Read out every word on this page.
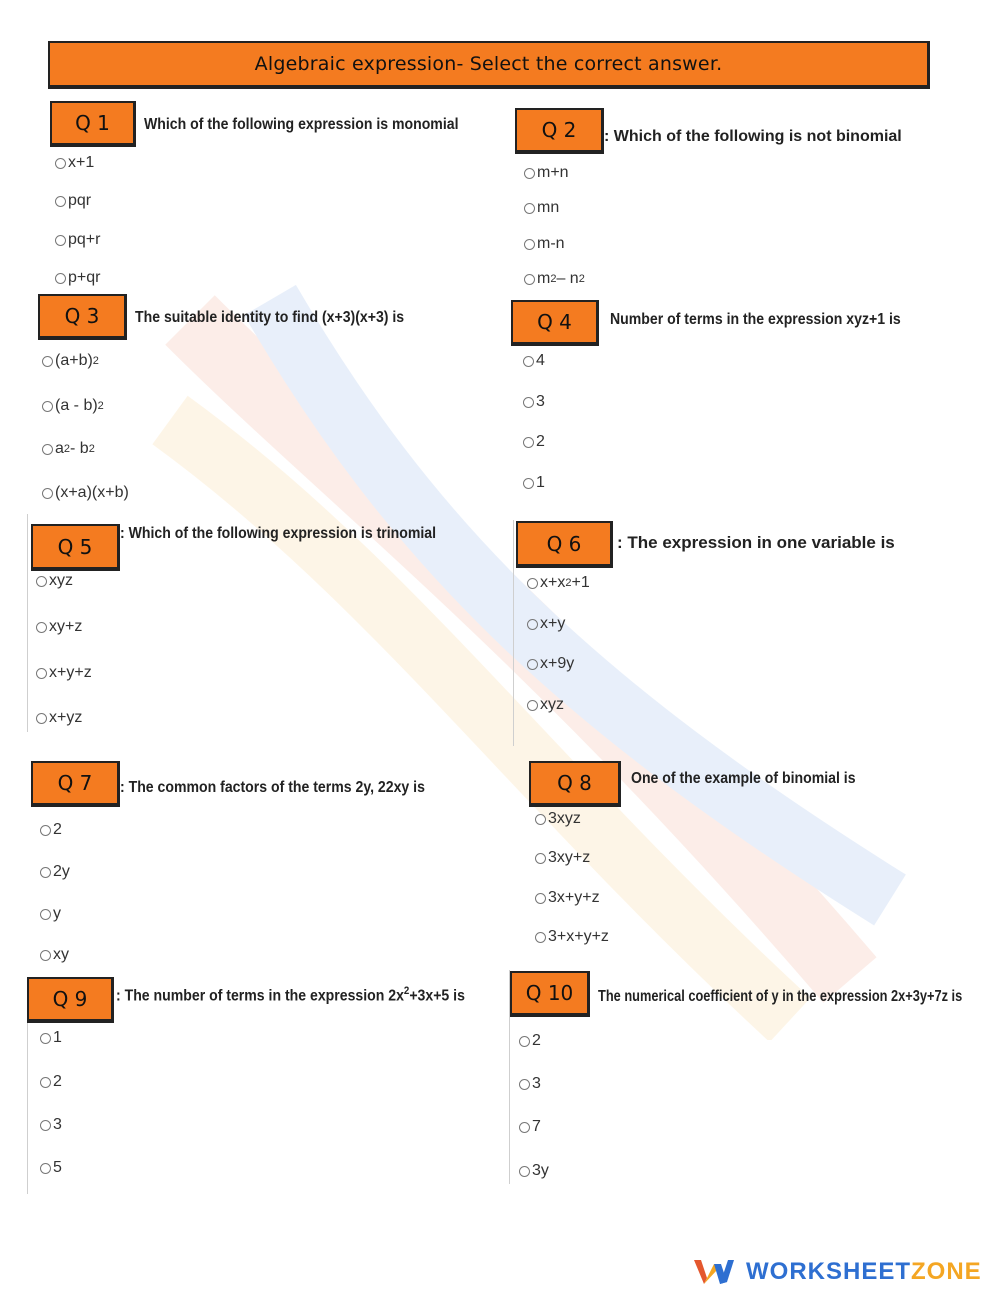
Algebraic expression- Select the correct answer.
Q 1 Which of the following expression is monomial
x+1
pqr
pq+r
p+qr
Q 2 : Which of the following is not binomial
m+n
mn
m-n
m 2 – n 2
Q 3 The suitable identity to find (x+3)(x+3) is
(a+b) 2
(a - b) 2
a 2 - b 2
(x+a)(x+b)
Q 4 Number of terms in the expression xyz+1 is
4
3
2
1
Q 5
: Which of the following expression is trinomial
xyz
xy+z
x+y+z
x+yz
Q 6 : The expression in one variable is
x+x 2 +1
x+y
x+9y
xyz
Q 7 : The common factors of the terms 2y, 22xy is
2
2y
y
xy
Q 8 One of the example of binomial is
3xyz
3xy+z
3x+y+z
3+x+y+z
Q 9 : The number of terms in the expression $2x^2+3x+5$ is
1
2
3
5
Q 10 The numerical coefficient of y in the expression 2x+3y+7z is
2
3
7
3y
WORKSHEETZONE
